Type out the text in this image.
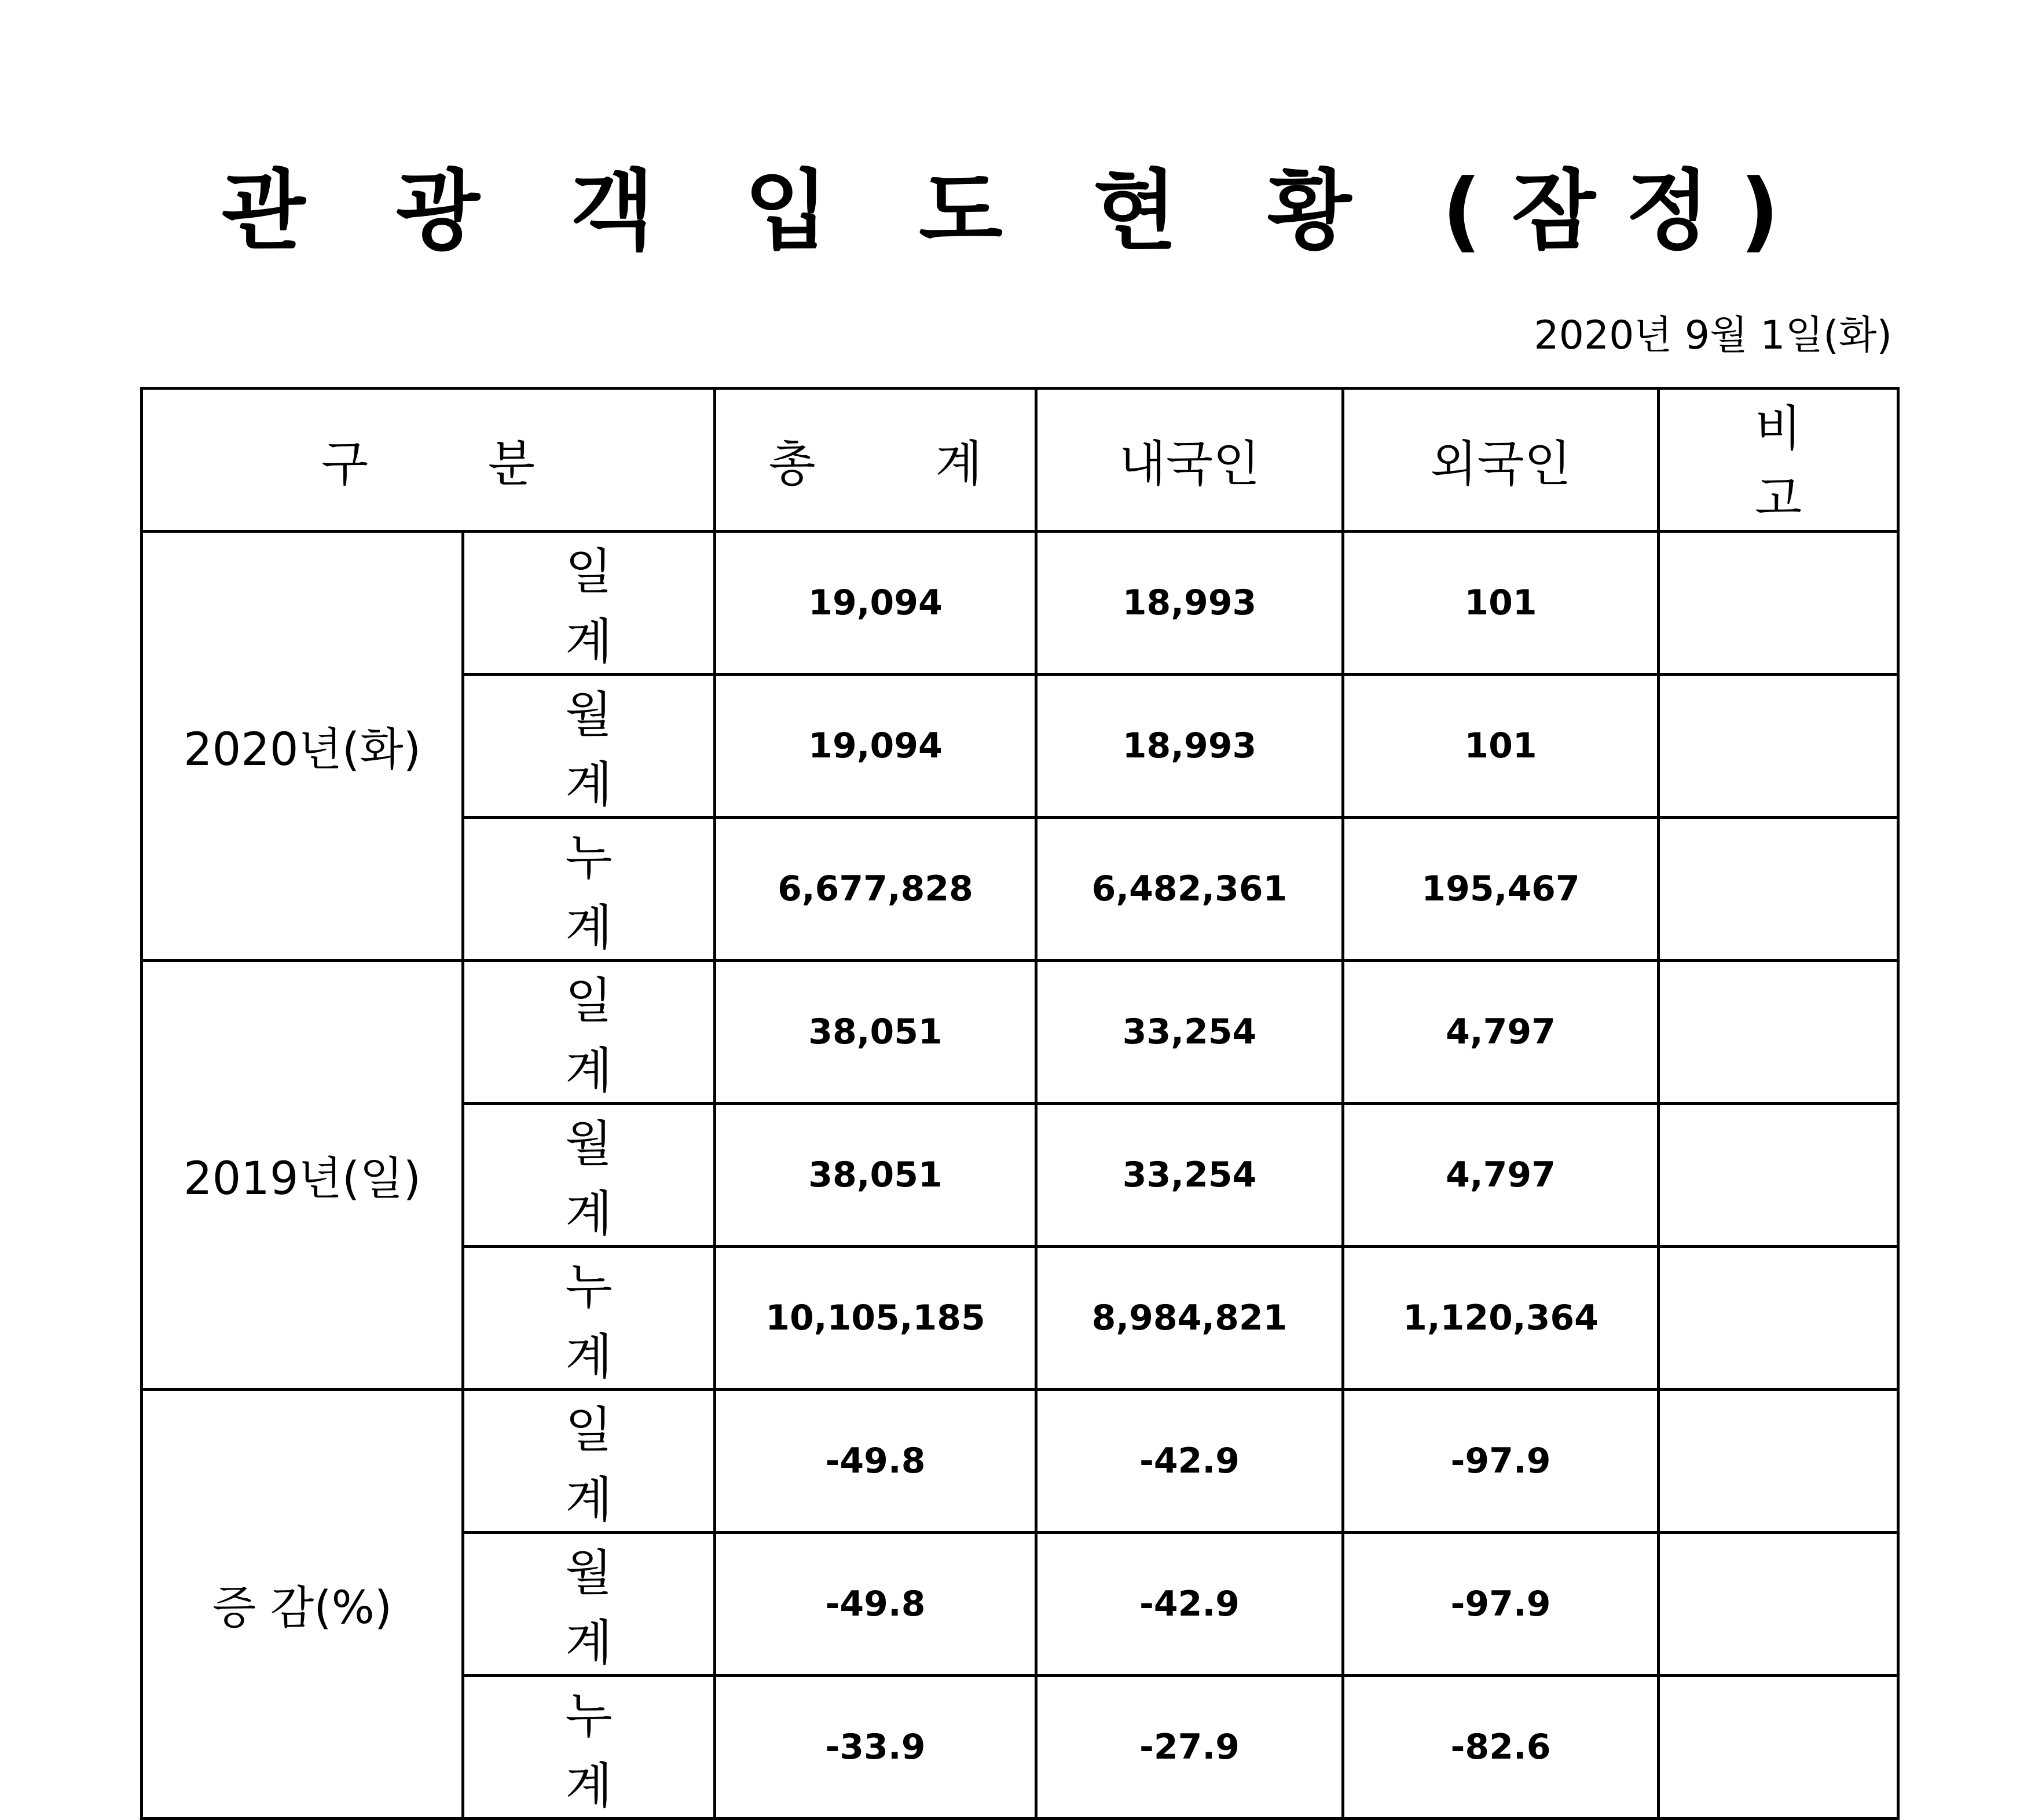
관 광 객 입 도 현 황 (잠정)
2020년 9월 1일(화)
구 분		총 계	내국인	외국인	비 고
2020년(화)	일 계	19,094	18,993	101	
	월 계	19,094	18,993	101	
	누 계	6,677,828	6,482,361	195,467	
2019년(일)	일 계	38,051	33,254	4,797	
	월 계	38,051	33,254	4,797	
	누 계	10,105,185	8,984,821	1,120,364	
증 감(%)	일 계	-49.8	-42.9	-97.9	
	월 계	-49.8	-42.9	-97.9	
	누 계	-33.9	-27.9	-82.6	
